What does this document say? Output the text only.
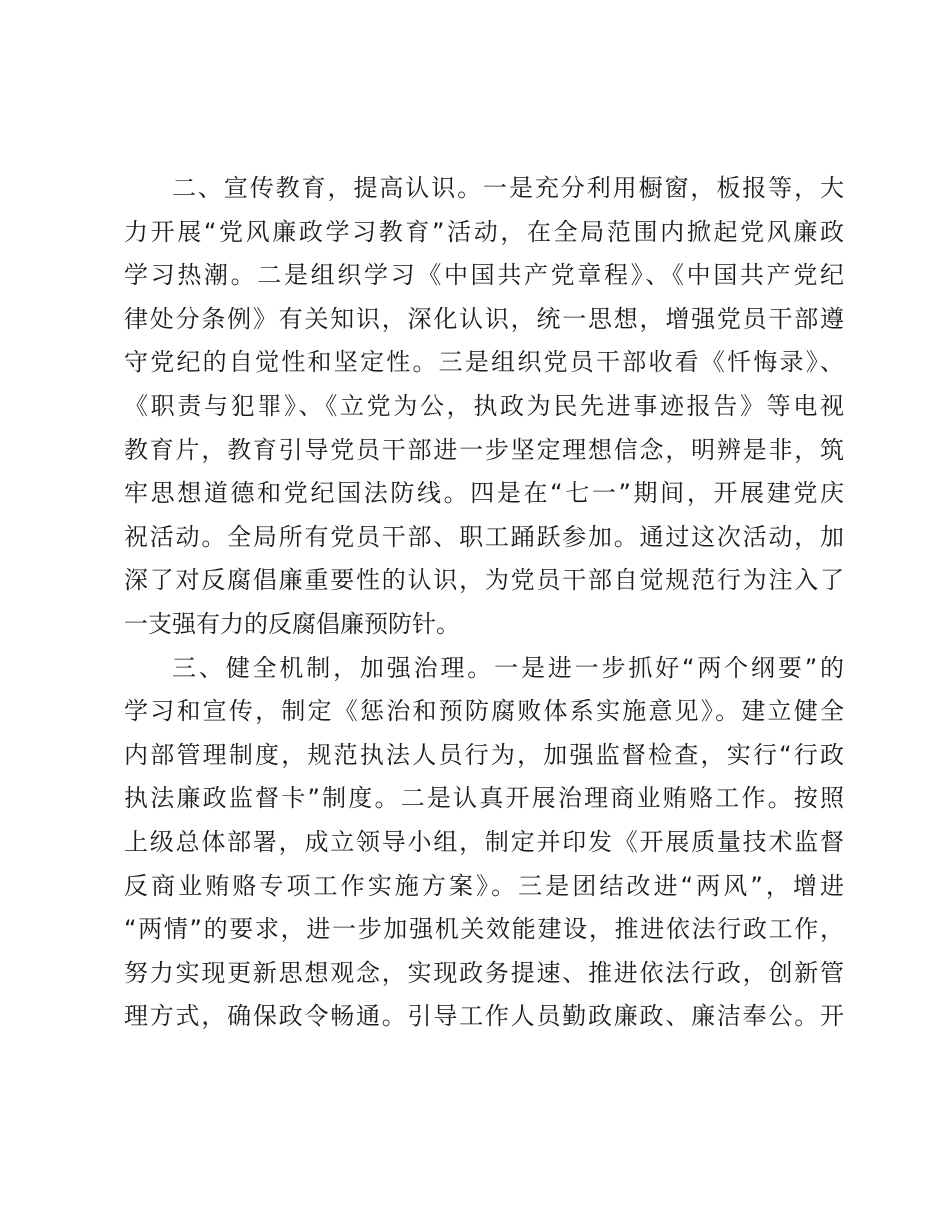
二、宣传教育，提高认识。一是充分利用橱窗，板报等，大
力开展“党风廉政学习教育”活动，在全局范围内掀起党风廉政
学习热潮。二是组织学习《中国共产党章程》、《中国共产党纪
律处分条例》有关知识，深化认识，统一思想，增强党员干部遵
守党纪的自觉性和坚定性。三是组织党员干部收看《忏悔录》、
《职责与犯罪》、《立党为公，执政为民先进事迹报告》等电视
教育片，教育引导党员干部进一步坚定理想信念，明辨是非，筑
牢思想道德和党纪国法防线。四是在“七一”期间，开展建党庆
祝活动。全局所有党员干部、职工踊跃参加。通过这次活动，加
深了对反腐倡廉重要性的认识，为党员干部自觉规范行为注入了
一支强有力的反腐倡廉预防针。
三、健全机制，加强治理。一是进一步抓好“两个纲要”的
学习和宣传，制定《惩治和预防腐败体系实施意见》。建立健全
内部管理制度，规范执法人员行为，加强监督检查，实行“行政
执法廉政监督卡”制度。二是认真开展治理商业贿赂工作。按照
上级总体部署，成立领导小组，制定并印发《开展质量技术监督
反商业贿赂专项工作实施方案》。三是团结改进“两风”，增进
“两情”的要求，进一步加强机关效能建设，推进依法行政工作，
努力实现更新思想观念，实现政务提速、推进依法行政，创新管
理方式，确保政令畅通。引导工作人员勤政廉政、廉洁奉公。开
